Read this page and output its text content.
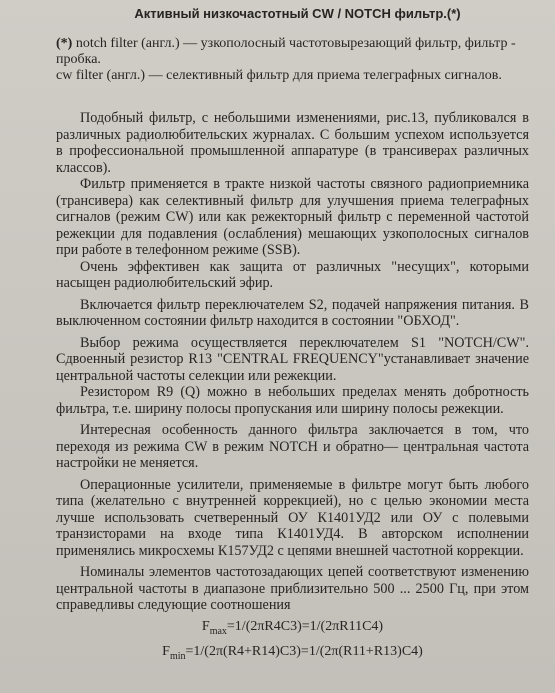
Активный низкочастотный CW / NOTCH фильтр.(*)

(*) notch filter (англ.) — узкополосный частотовырезающий фильтр, фильтр - пробка.

cw filter (англ.) — селективный фильтр для приема телеграфных сигналов.

Подобный фильтр, с небольшими изменениями, рис.13, публиковался в различных радиолюбительских журналах. С большим успехом используется в профессиональной промышленной аппаратуре (в трансиверах различных классов).

Фильтр применяется в тракте низкой частоты связного радиоприемника (трансивера) как селективный фильтр для улучшения приема телеграфных сигналов (режим CW) или как режекторный фильтр с переменной частотой режекции для подавления (ослабления) мешающих узкополосных сигналов при работе в телефонном режиме (SSB).

Очень эффективен как защита от различных "несущих", которыми насыщен радиолюбительский эфир.

Включается фильтр переключателем S2, подачей напряжения питания. В выключенном состоянии фильтр находится в состоянии "ОБХОД".

Выбор режима осуществляется переключателем S1 "NOTCH/CW". Сдвоенный резистор R13 "CENTRAL FREQUENCY"устанавливает значение центральной частоты селекции или режекции.

Резистором R9 (Q) можно в небольших пределах менять добротность фильтра, т.е. ширину полосы пропускания или ширину полосы режекции.

Интересная особенность данного фильтра заключается в том, что переходя из режима CW в режим NOTCH и обратно— центральная частота настройки не меняется.

Операционные усилители, применяемые в фильтре могут быть любого типа (желательно с внутренней коррекцией), но с целью экономии места лучше использовать счетверенный ОУ К1401УД2 или ОУ с полевыми транзисторами на входе типа К1401УД4. В авторском исполнении применялись микросхемы К157УД2 с цепями внешней частотной коррекции.

Номиналы элементов частотозадающих цепей соответствуют изменению центральной частоты в диапазоне приблизительно 500 ... 2500 Гц, при этом справедливы следующие соотношения

$F_{max}=1/(2\pi R4C3)=1/(2\pi R11C4)$

$F_{min}=1/(2\pi(R4+R14)C3)=1/(2\pi(R11+R13)C4)$
